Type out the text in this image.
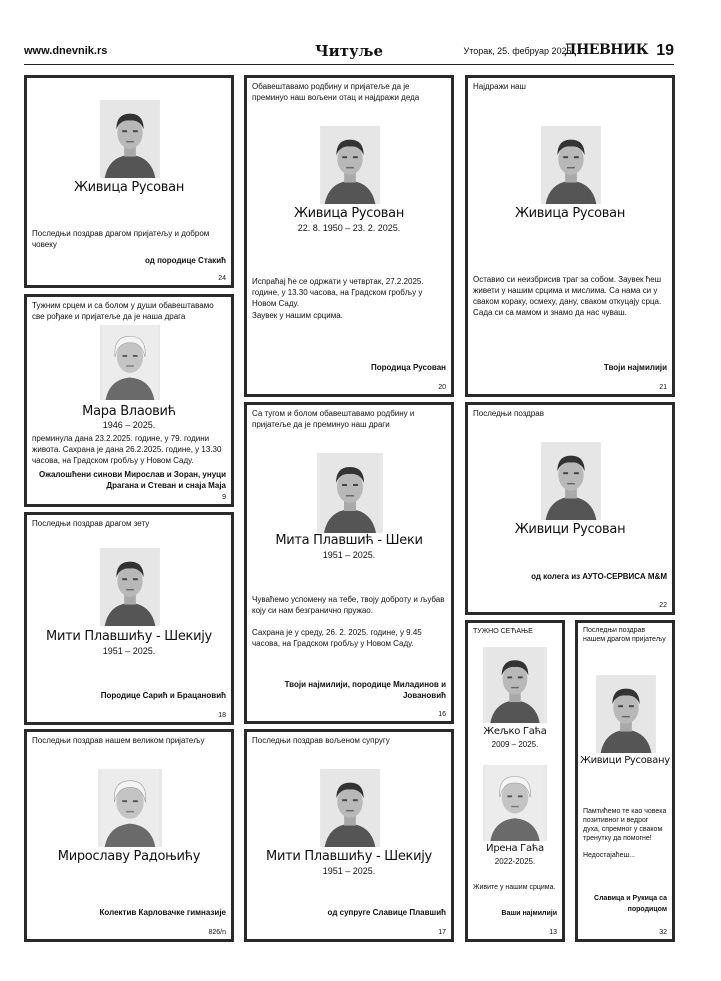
www.dnevnik.rs	Читуље	Уторак, 25. фебруар 2025.
ДНЕВНИК 19
Живица Русован
Последњи поздрав драгом пријатељу и добром човеку
од породице Стакић
24
Тужним срцем и са болом у души обавештавамо све рођаке и пријатеље да је наша драга
Мара Влаовић
1946 – 2025.
преминула дана 23.2.2025. године, у 79. години живота. Сахрана је дана 26.2.2025. године, у 13.30 часова, на Градском гробљу у Новом Саду.
Ожалошћени синови Мирослав и Зоран, унуци Драгана и Стеван и снаја Маја
9
Последњи поздрав драгом зету
Мити Плавшићу - Шекију
1951 – 2025.
Породице Сарић и Брацановић
18
Последњи поздрав нашем великом пријатељу
Мирославу Радоњићу
Колектив Карловачке гимназије
826/n
Обавештавамо родбину и пријатеље да је преминуо наш вољени отац и најдражи деда
Живица Русован
22. 8. 1950 – 23. 2. 2025.
Испраћај ће се одржати у четвртак, 27.2.2025. године, у 13.30 часова, на Градском гробљу у Новом Саду.
Заувек у нашим срцима.
Породица Русован
20
Са тугом и болом обавештавамо родбину и пријатеље да је преминуо наш драги
Мита Плавшић - Шеки
1951 – 2025.
Чуваћемо успомену на тебе, твоју доброту и љубав коју си нам безгранично пружао.
Сахрана је у среду, 26. 2. 2025. године, у 9.45 часова, на Градском гробљу у Новом Саду.
Твоји најмилији, породице Миладинов и Јовановић
16
Последњи поздрав вољеном супругу
Мити Плавшићу - Шекију
1951 – 2025.
од супруге Славице Плавшић
17
Најдражи наш
Живица Русован
Оставио си неизбрисив траг за собом. Заувек ћеш живети у нашим срцима и мислима. Са нама си у сваком кораку, осмеху, дану, сваком откуцају срца. Сада си са мамом и знамо да нас чуваш.
Твоји најмилији
21
Последњи поздрав
Живици Русован
од колега из АУТО-СЕРВИСА М&M
22
ТУЖНО СЕЋАЊЕ
Жељко Гаћа
2009 – 2025.
Ирена Гаћа
2022-2025.
Живите у нашим срцима.
Ваши најмилији
13
Последњи поздрав нашем драгом пријатељу
Живици Русовану
Памтићемо те као човека позитивног и ведрог духа, спремног у сваком тренутку да помогне!
Недостајаћеш...
Славица и Рукица са породицом
32
